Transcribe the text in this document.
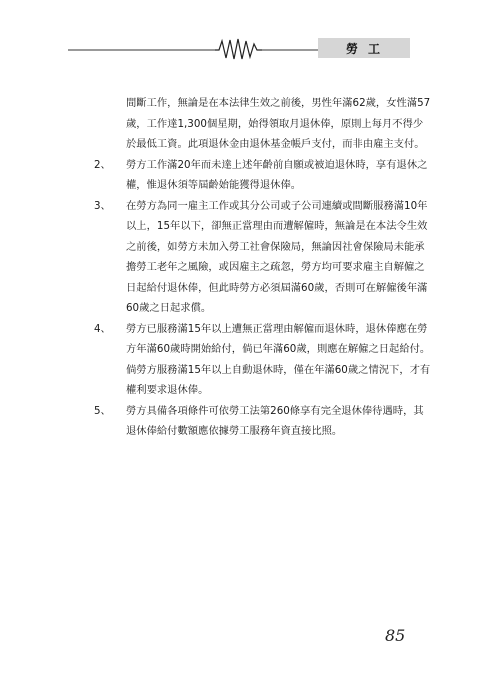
勞工

間斷工作，無論是在本法律生效之前後，男性年滿62歲，女性滿57歲，工作達1,300個星期，始得領取月退休俸，原則上每月不得少於最低工資。此項退休金由退休基金帳戶支付，而非由雇主支付。

2、 勞方工作滿20年而未達上述年齡前自願或被迫退休時，享有退休之權，惟退休須等屆齡始能獲得退休俸。

3、 在勞方為同一雇主工作或其分公司或子公司連續或間斷服務滿10年以上，15年以下，卻無正當理由而遭解僱時，無論是在本法令生效之前後，如勞方未加入勞工社會保險局，無論因社會保險局未能承擔勞工老年之風險，或因雇主之疏忽，勞方均可要求雇主自解僱之日起給付退休俸，但此時勞方必須屆滿60歲，否則可在解僱後年滿60歲之日起求償。

4、 勞方已服務滿15年以上遭無正當理由解僱而退休時，退休俸應在勞方年滿60歲時開始給付，倘已年滿60歲，則應在解僱之日起給付。倘勞方服務滿15年以上自動退休時，僅在年滿60歲之情況下，才有權利要求退休俸。

5、 勞方具備各項條件可依勞工法第260條享有完全退休俸待遇時，其退休俸給付數額應依據勞工服務年資直接比照。

85
